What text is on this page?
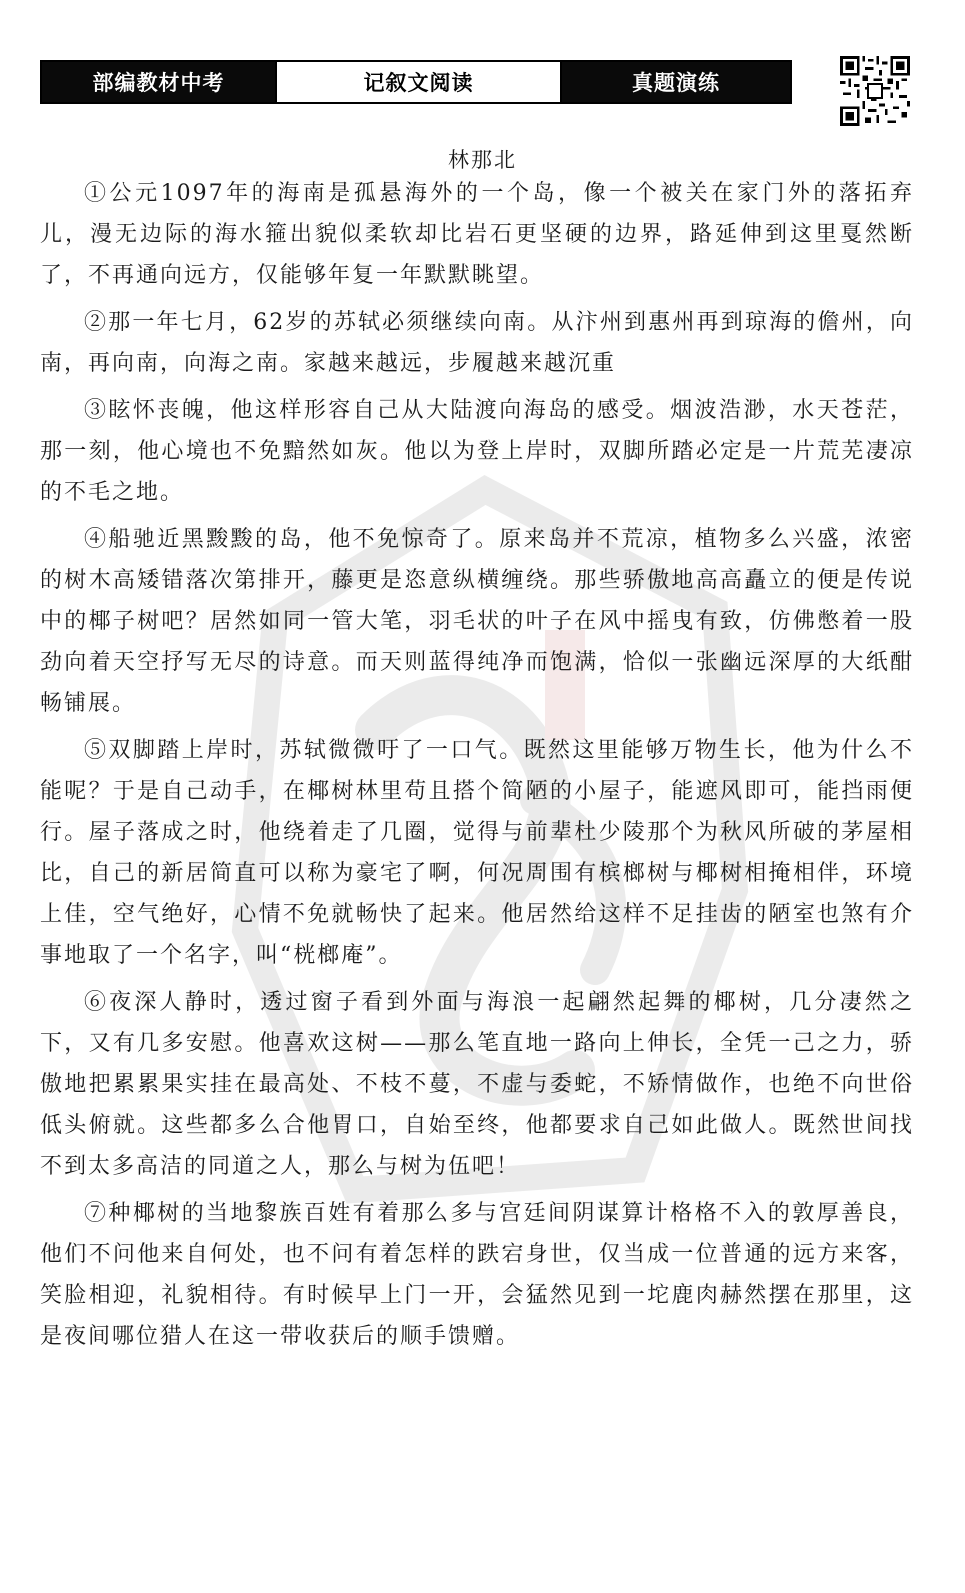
部编教材中考	记叙文阅读	真题演练
林那北

①公元1097年的海南是孤悬海外的一个岛，像一个被关在家门外的落拓弃儿，漫无边际的海水箍出貌似柔软却比岩石更坚硬的边界，路延伸到这里戛然断了，不再通向远方，仅能够年复一年默默眺望。

②那一年七月，62岁的苏轼必须继续向南。从汴州到惠州再到琼海的儋州，向南，再向南，向海之南。家越来越远，步履越来越沉重

③眩怀丧魄，他这样形容自己从大陆渡向海岛的感受。烟波浩渺，水天苍茫，那一刻，他心境也不免黯然如灰。他以为登上岸时，双脚所踏必定是一片荒芜凄凉的不毛之地。

④船驰近黑黢黢的岛，他不免惊奇了。原来岛并不荒凉，植物多么兴盛，浓密的树木高矮错落次第排开，藤更是恣意纵横缠绕。那些骄傲地高高矗立的便是传说中的椰子树吧？居然如同一管大笔，羽毛状的叶子在风中摇曳有致，仿佛憋着一股劲向着天空抒写无尽的诗意。而天则蓝得纯净而饱满，恰似一张幽远深厚的大纸酣畅铺展。

⑤双脚踏上岸时，苏轼微微吁了一口气。既然这里能够万物生长，他为什么不能呢？于是自己动手，在椰树林里苟且搭个简陋的小屋子，能遮风即可，能挡雨便行。屋子落成之时，他绕着走了几圈，觉得与前辈杜少陵那个为秋风所破的茅屋相比，自己的新居简直可以称为豪宅了啊，何况周围有槟榔树与椰树相掩相伴，环境上佳，空气绝好，心情不免就畅快了起来。他居然给这样不足挂齿的陋室也煞有介事地取了一个名字，叫“桄榔庵”。

⑥夜深人静时，透过窗子看到外面与海浪一起翩然起舞的椰树，几分凄然之下，又有几多安慰。他喜欢这树——那么笔直地一路向上伸长，全凭一己之力，骄傲地把累累果实挂在最高处、不枝不蔓，不虚与委蛇，不矫情做作，也绝不向世俗低头俯就。这些都多么合他胃口，自始至终，他都要求自己如此做人。既然世间找不到太多高洁的同道之人，那么与树为伍吧！

⑦种椰树的当地黎族百姓有着那么多与宫廷间阴谋算计格格不入的敦厚善良，他们不问他来自何处，也不问有着怎样的跌宕身世，仅当成一位普通的远方来客，笑脸相迎，礼貌相待。有时候早上门一开，会猛然见到一坨鹿肉赫然摆在那里，这是夜间哪位猎人在这一带收获后的顺手馈赠。
